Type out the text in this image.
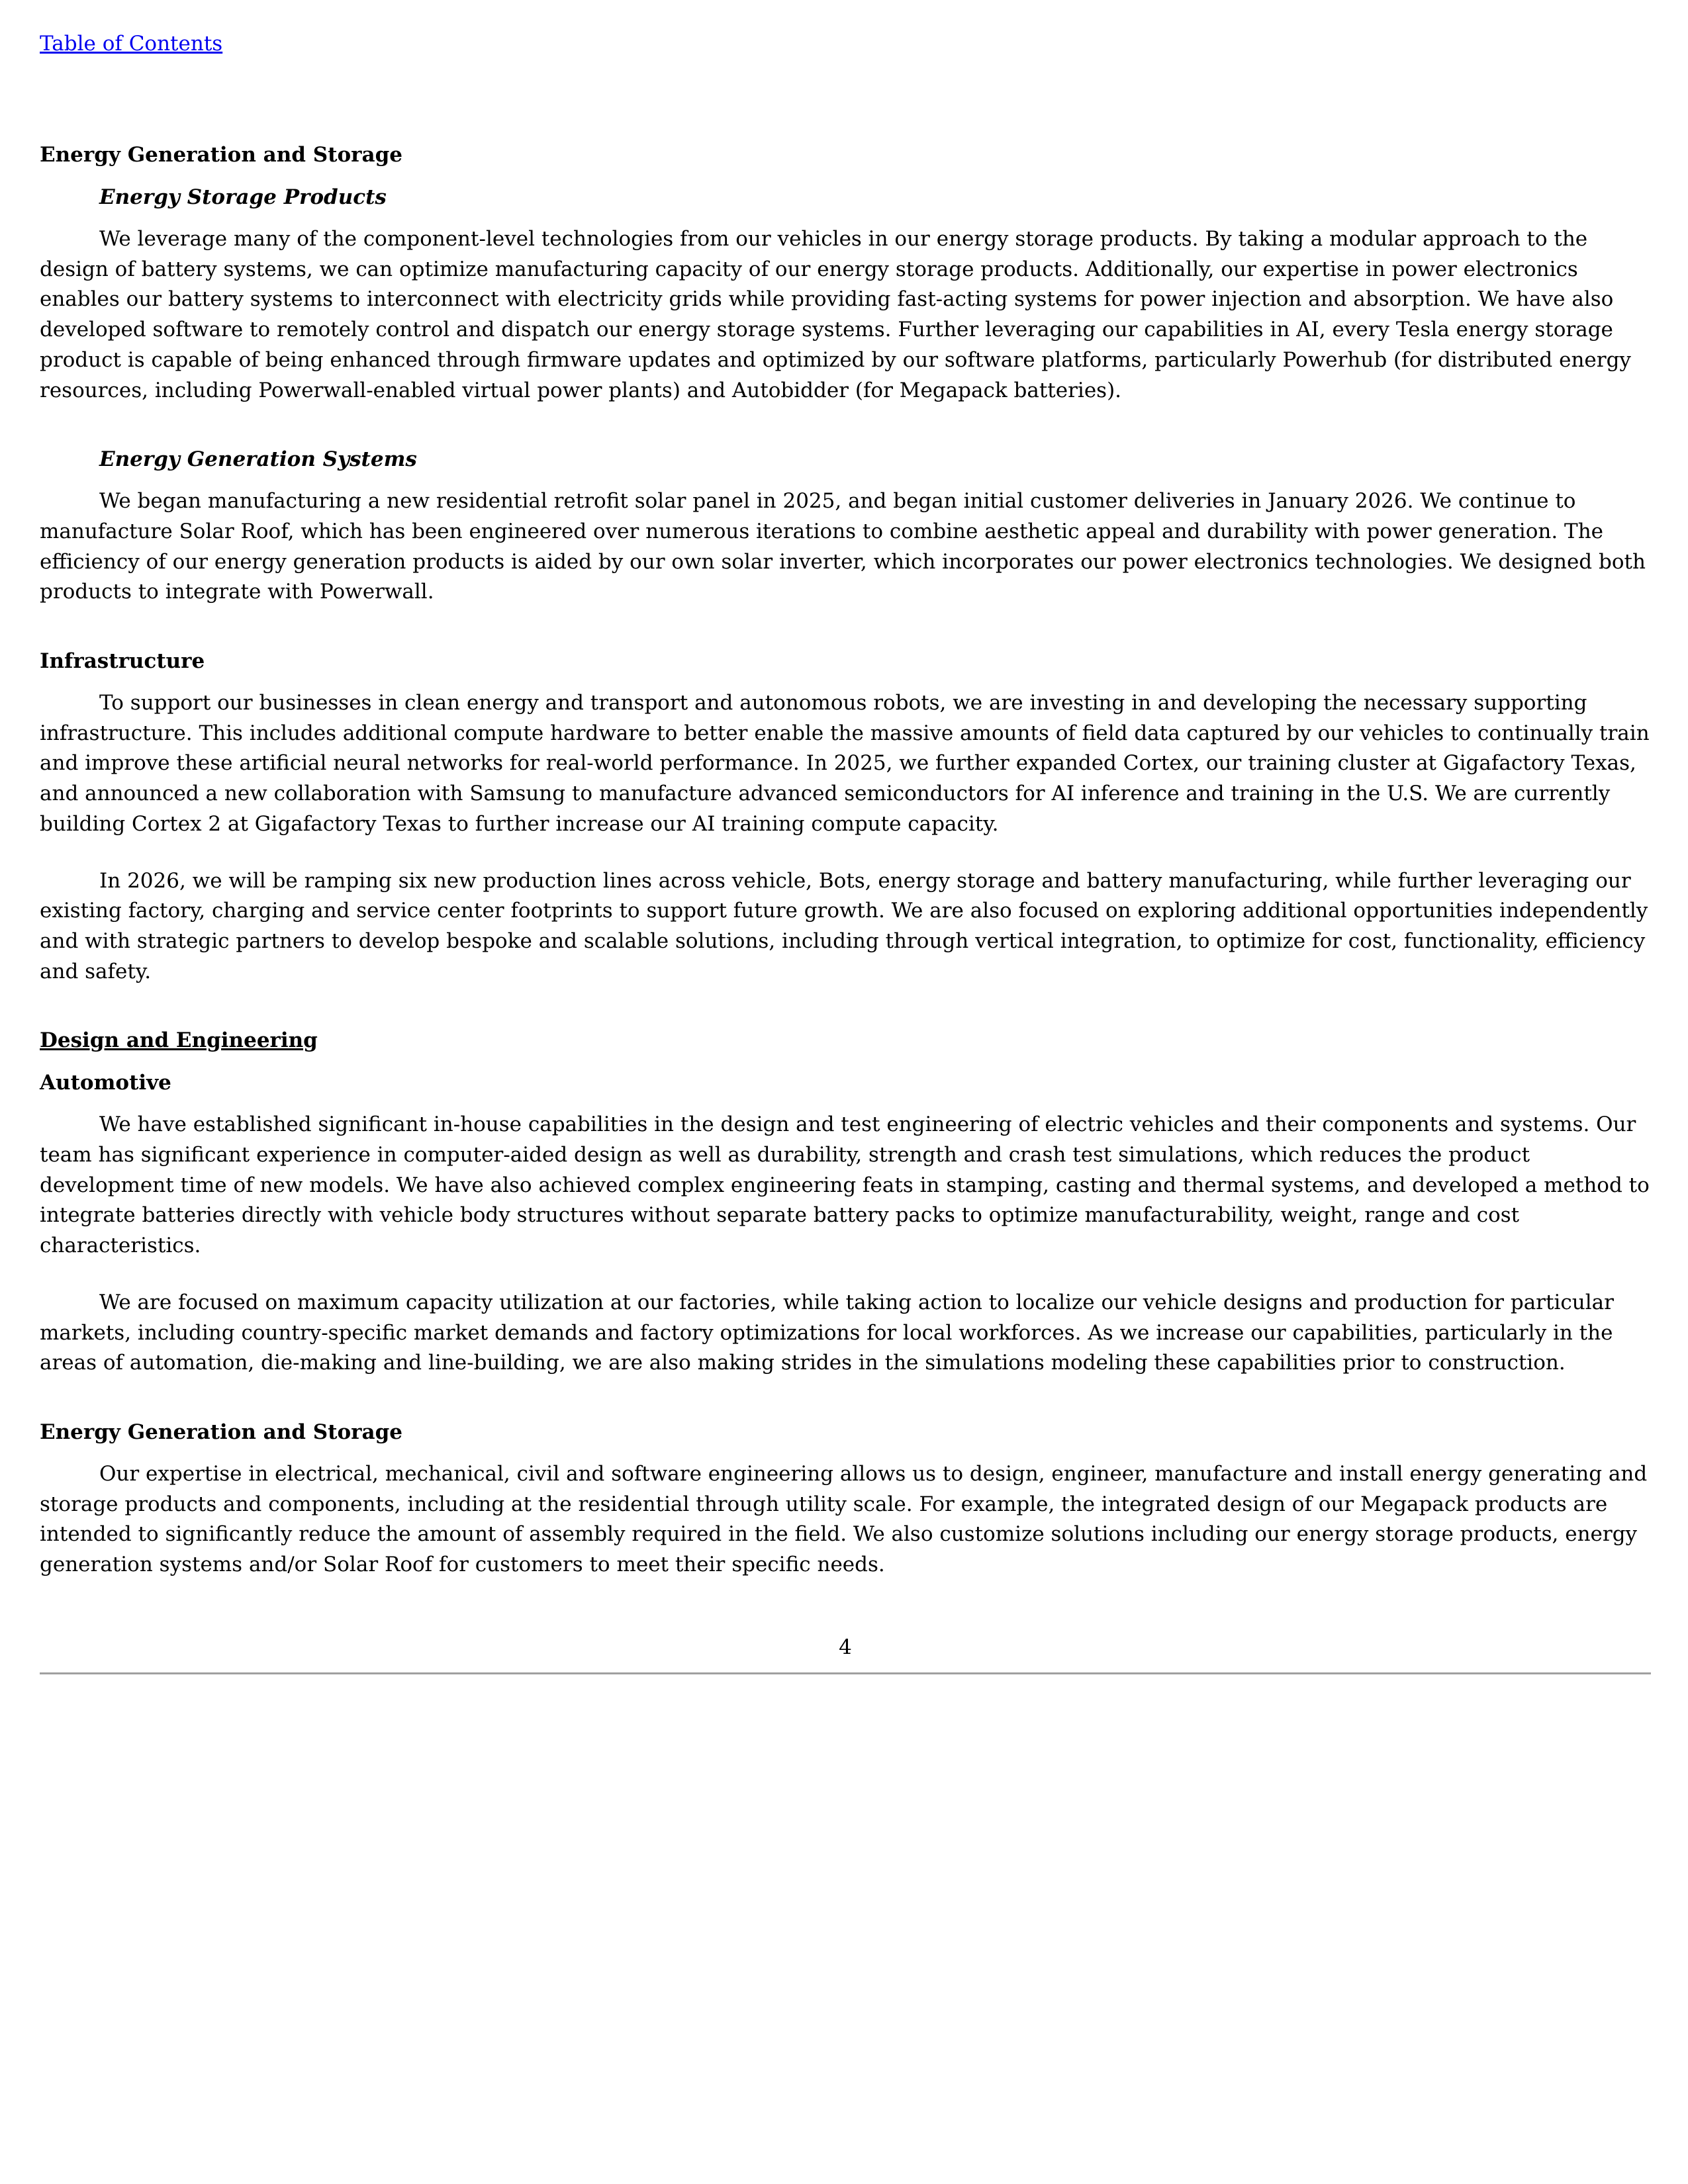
Table of Contents
Energy Generation and Storage
Energy Storage Products

We leverage many of the component-level technologies from our vehicles in our energy storage products. By taking a modular approach to the design of battery systems, we can optimize manufacturing capacity of our energy storage products. Additionally, our expertise in power electronics enables our battery systems to interconnect with electricity grids while providing fast-acting systems for power injection and absorption. We have also developed software to remotely control and dispatch our energy storage systems. Further leveraging our capabilities in AI, every Tesla energy storage product is capable of being enhanced through firmware updates and optimized by our software platforms, particularly Powerhub (for distributed energy resources, including Powerwall-enabled virtual power plants) and Autobidder (for Megapack batteries).

Energy Generation Systems

We began manufacturing a new residential retrofit solar panel in 2025, and began initial customer deliveries in January 2026. We continue to manufacture Solar Roof, which has been engineered over numerous iterations to combine aesthetic appeal and durability with power generation. The efficiency of our energy generation products is aided by our own solar inverter, which incorporates our power electronics technologies. We designed both products to integrate with Powerwall.

Infrastructure

To support our businesses in clean energy and transport and autonomous robots, we are investing in and developing the necessary supporting infrastructure. This includes additional compute hardware to better enable the massive amounts of field data captured by our vehicles to continually train and improve these artificial neural networks for real-world performance. In 2025, we further expanded Cortex, our training cluster at Gigafactory Texas, and announced a new collaboration with Samsung to manufacture advanced semiconductors for AI inference and training in the U.S. We are currently building Cortex 2 at Gigafactory Texas to further increase our AI training compute capacity.

In 2026, we will be ramping six new production lines across vehicle, Bots, energy storage and battery manufacturing, while further leveraging our existing factory, charging and service center footprints to support future growth. We are also focused on exploring additional opportunities independently and with strategic partners to develop bespoke and scalable solutions, including through vertical integration, to optimize for cost, functionality, efficiency and safety.

Design and Engineering
Automotive

We have established significant in-house capabilities in the design and test engineering of electric vehicles and their components and systems. Our team has significant experience in computer-aided design as well as durability, strength and crash test simulations, which reduces the product development time of new models. We have also achieved complex engineering feats in stamping, casting and thermal systems, and developed a method to integrate batteries directly with vehicle body structures without separate battery packs to optimize manufacturability, weight, range and cost characteristics.

We are focused on maximum capacity utilization at our factories, while taking action to localize our vehicle designs and production for particular markets, including country-specific market demands and factory optimizations for local workforces. As we increase our capabilities, particularly in the areas of automation, die-making and line-building, we are also making strides in the simulations modeling these capabilities prior to construction.

Energy Generation and Storage

Our expertise in electrical, mechanical, civil and software engineering allows us to design, engineer, manufacture and install energy generating and storage products and components, including at the residential through utility scale. For example, the integrated design of our Megapack products are intended to significantly reduce the amount of assembly required in the field. We also customize solutions including our energy storage products, energy generation systems and/or Solar Roof for customers to meet their specific needs.

4
